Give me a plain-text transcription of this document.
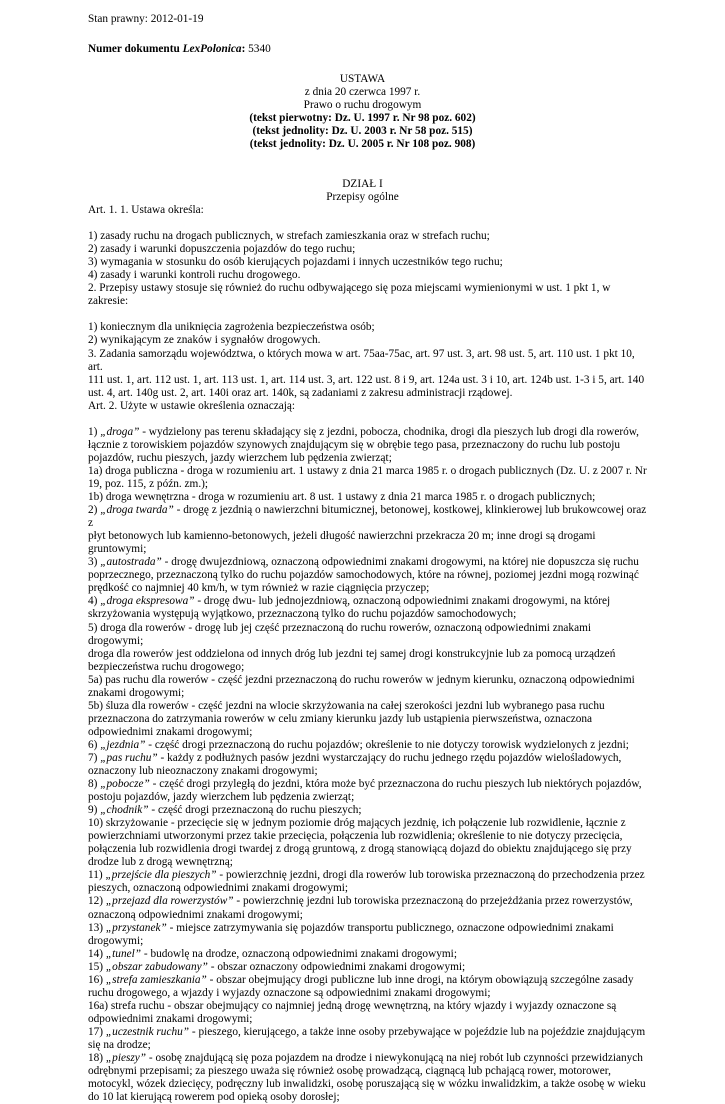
Stan prawny: 2012-01-19
Numer dokumentu LexPolonica: 5340
USTAWA
z dnia 20 czerwca 1997 r.
Prawo o ruchu drogowym
(tekst pierwotny: Dz. U. 1997 r. Nr 98 poz. 602)
(tekst jednolity: Dz. U. 2003 r. Nr 58 poz. 515)
(tekst jednolity: Dz. U. 2005 r. Nr 108 poz. 908)
DZIAŁ I
Przepisy ogólne

Art. 1. 1. Ustawa określa:

1) zasady ruchu na drogach publicznych, w strefach zamieszkania oraz w strefach ruchu;

2) zasady i warunki dopuszczenia pojazdów do tego ruchu;

3) wymagania w stosunku do osób kierujących pojazdami i innych uczestników tego ruchu;

4) zasady i warunki kontroli ruchu drogowego.

2. Przepisy ustawy stosuje się również do ruchu odbywającego się poza miejscami wymienionymi w ust. 1 pkt 1, w zakresie:

1) koniecznym dla uniknięcia zagrożenia bezpieczeństwa osób;

2) wynikającym ze znaków i sygnałów drogowych.

3. Zadania samorządu województwa, o których mowa w art. 75aa-75ac, art. 97 ust. 3, art. 98 ust. 5, art. 110 ust. 1 pkt 10, art.

111 ust. 1, art. 112 ust. 1, art. 113 ust. 1, art. 114 ust. 3, art. 122 ust. 8 i 9, art. 124a ust. 3 i 10, art. 124b ust. 1-3 i 5, art. 140

ust. 4, art. 140g ust. 2, art. 140i oraz art. 140k, są zadaniami z zakresu administracji rządowej.

Art. 2. Użyte w ustawie określenia oznaczają:

1) „droga” - wydzielony pas terenu składający się z jezdni, pobocza, chodnika, drogi dla pieszych lub drogi dla rowerów,

łącznie z torowiskiem pojazdów szynowych znajdującym się w obrębie tego pasa, przeznaczony do ruchu lub postoju

pojazdów, ruchu pieszych, jazdy wierzchem lub pędzenia zwierząt;

1a) droga publiczna - droga w rozumieniu art. 1 ustawy z dnia 21 marca 1985 r. o drogach publicznych (Dz. U. z 2007 r. Nr

19, poz. 115, z późn. zm.);

1b) droga wewnętrzna - droga w rozumieniu art. 8 ust. 1 ustawy z dnia 21 marca 1985 r. o drogach publicznych;

2) „droga twarda” - drogę z jezdnią o nawierzchni bitumicznej, betonowej, kostkowej, klinkierowej lub brukowcowej oraz z

płyt betonowych lub kamienno-betonowych, jeżeli długość nawierzchni przekracza 20 m; inne drogi są drogami gruntowymi;

3) „autostrada” - drogę dwujezdniową, oznaczoną odpowiednimi znakami drogowymi, na której nie dopuszcza się ruchu

poprzecznego, przeznaczoną tylko do ruchu pojazdów samochodowych, które na równej, poziomej jezdni mogą rozwinąć

prędkość co najmniej 40 km/h, w tym również w razie ciągnięcia przyczep;

4) „droga ekspresowa” - drogę dwu- lub jednojezdniową, oznaczoną odpowiednimi znakami drogowymi, na której

skrzyżowania występują wyjątkowo, przeznaczoną tylko do ruchu pojazdów samochodowych;

5) droga dla rowerów - drogę lub jej część przeznaczoną do ruchu rowerów, oznaczoną odpowiednimi znakami drogowymi;

droga dla rowerów jest oddzielona od innych dróg lub jezdni tej samej drogi konstrukcyjnie lub za pomocą urządzeń

bezpieczeństwa ruchu drogowego;

5a) pas ruchu dla rowerów - część jezdni przeznaczoną do ruchu rowerów w jednym kierunku, oznaczoną odpowiednimi

znakami drogowymi;

5b) śluza dla rowerów - część jezdni na wlocie skrzyżowania na całej szerokości jezdni lub wybranego pasa ruchu

przeznaczona do zatrzymania rowerów w celu zmiany kierunku jazdy lub ustąpienia pierwszeństwa, oznaczona

odpowiednimi znakami drogowymi;

6) „jezdnia” - część drogi przeznaczoną do ruchu pojazdów; określenie to nie dotyczy torowisk wydzielonych z jezdni;

7) „pas ruchu” - każdy z podłużnych pasów jezdni wystarczający do ruchu jednego rzędu pojazdów wielośladowych,

oznaczony lub nieoznaczony znakami drogowymi;

8) „pobocze” - część drogi przyległą do jezdni, która może być przeznaczona do ruchu pieszych lub niektórych pojazdów,

postoju pojazdów, jazdy wierzchem lub pędzenia zwierząt;

9) „chodnik” - część drogi przeznaczoną do ruchu pieszych;

10) skrzyżowanie - przecięcie się w jednym poziomie dróg mających jezdnię, ich połączenie lub rozwidlenie, łącznie z

powierzchniami utworzonymi przez takie przecięcia, połączenia lub rozwidlenia; określenie to nie dotyczy przecięcia,

połączenia lub rozwidlenia drogi twardej z drogą gruntową, z drogą stanowiącą dojazd do obiektu znajdującego się przy

drodze lub z drogą wewnętrzną;

11) „przejście dla pieszych” - powierzchnię jezdni, drogi dla rowerów lub torowiska przeznaczoną do przechodzenia przez

pieszych, oznaczoną odpowiednimi znakami drogowymi;

12) „przejazd dla rowerzystów” - powierzchnię jezdni lub torowiska przeznaczoną do przejeżdżania przez rowerzystów,

oznaczoną odpowiednimi znakami drogowymi;

13) „przystanek” - miejsce zatrzymywania się pojazdów transportu publicznego, oznaczone odpowiednimi znakami

drogowymi;

14) „tunel” - budowlę na drodze, oznaczoną odpowiednimi znakami drogowymi;

15) „obszar zabudowany” - obszar oznaczony odpowiednimi znakami drogowymi;

16) „strefa zamieszkania” - obszar obejmujący drogi publiczne lub inne drogi, na którym obowiązują szczególne zasady

ruchu drogowego, a wjazdy i wyjazdy oznaczone są odpowiednimi znakami drogowymi;

16a) strefa ruchu - obszar obejmujący co najmniej jedną drogę wewnętrzną, na który wjazdy i wyjazdy oznaczone są

odpowiednimi znakami drogowymi;

17) „uczestnik ruchu” - pieszego, kierującego, a także inne osoby przebywające w pojeździe lub na pojeździe znajdującym

się na drodze;

18) „pieszy” - osobę znajdującą się poza pojazdem na drodze i niewykonującą na niej robót lub czynności przewidzianych

odrębnymi przepisami; za pieszego uważa się również osobę prowadzącą, ciągnącą lub pchającą rower, motorower,

motocykl, wózek dziecięcy, podręczny lub inwalidzki, osobę poruszającą się w wózku inwalidzkim, a także osobę w wieku

do 10 lat kierującą rowerem pod opieką osoby dorosłej;
